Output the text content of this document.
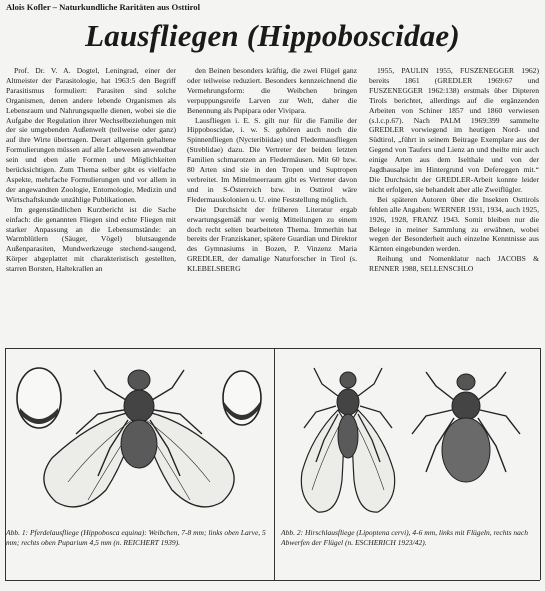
Alois Kofler – Naturkundliche Raritäten aus Osttirol
Lausfliegen (Hippoboscidae)

Prof. Dr. V. A. Dogtel, Leningrad, einer der Altmeister der Parasitologie, hat 1963:5 den Begriff Parasitismus formuliert: Parasiten sind solche Organismen, denen andere lebende Organismen als Lebensraum und Nahrungsquelle dienen, wobei sie die Aufgabe der Regulation ihrer Wechselbeziehungen mit der sie umgebenden Außenwelt (teilweise oder ganz) auf ihre Wirte übertragen. Derart allgemein gehaltene Formulierungen müssen auf alle Lebewesen anwendbar sein und eben alle Formen und Möglichkeiten berücksichtigen. Zum Thema selber gibt es vielfache Aspekte, mehrfache Formulierungen und vor allem in der angewandten Zoologie, Entomologie, Medizin und Wirtschaftskunde unzählige Publikationen.

Im gegenständlichen Kurzbericht ist die Sache einfach: die genannten Fliegen sind echte Fliegen mit starker Anpassung an die Lebensumstände: an Warmblütlern (Säuger, Vögel) blutsaugende Außenparasiten, Mundwerkzeuge stechend-saugend, Körper abgeplattet mit charakteristisch gestellten, starren Borsten, Haltekrallen an

den Beinen besonders kräftig, die zwei Flügel ganz oder teilweise reduziert. Besonders kennzeichnend die Vermehrungsform: die Weibchen bringen verpuppungsreife Larven zur Welt, daher die Benennung als Pupipara oder Vivipara.

Lausfliegen i. E. S. gilt nur für die Familie der Hippoboscidae, i. w. S. gehören auch noch die Spinnenfliegen (Nycteribiidae) und Fledermausfliegen (Streblidae) dazu. Die Vertreter der beiden letzten Familien schmarotzen an Fledermäusen. Mit 60 bzw. 80 Arten sind sie in den Tropen und Suptropen verbreitet. Im Mittelmeerraum gibt es Vertreter davon und in S-Österreich bzw. in Osttirol wäre Fledermauskolonien u. U. eine Feststellung möglich.

Die Durchsicht der früheren Literatur ergab erwartungsgemäß nur wenig Mitteilungen zu einem doch recht selten bearbeiteten Thema. Immerhin hat bereits der Franziskaner, spätere Guardian und Direktor des Gymnasiums in Bozen, P. Vinzenz Maria GREDLER, der damalige Naturforscher in Tirol (s. KLEBELSBERG

1955, PAULIN 1955, FUSZENEGGER 1962) bereits 1861 (GREDLER 1969:67 und FUSZENEGGER 1962:138) erstmals über Dipteren Tirols berichtet, allerdings auf die ergänzenden Arbeiten von Schiner 1857 und 1860 verwiesen (s.l.c.p.67). Nach PALM 1969:399 sammelte GREDLER vorwiegend im heutigen Nord- und Südtirol, „führt in seinem Beitrage Exemplare aus der Gegend von Taufers und Lienz an und theilte mir auch einige Arten aus dem Iselthale und von der Jagdhausalpe im Hintergrund von Defereggen mit.“ Die Durchsicht der GREDLER-Arbeit konnte leider nicht erfolgen, sie behandelt aber alle Zweiflügler.

Bei späteren Autoren über die Insekten Osttirols fehlen alle Angaben: WERNER 1931, 1934, auch 1925, 1926, 1928, FRANZ 1943. Somit bleiben nur die Belege in meiner Sammlung zu erwähnen, wobei wegen der Besonderheit auch einzelne Kenntnisse aus Kärnten eingebunden werden.

Reihung und Nomenklatur nach JACOBS & RENNER 1988, SELLENSCHLO

Abb. 1: Pferdelausfliege (Hippobosca equina): Weibchen, 7-8 mm; links oben Larve, 5 mm; rechts oben Puparium 4,5 mm (n. REICHERT 1939).
Abb. 2: Hirschlausfliege (Lipoptena cervi), 4-6 mm, links mit Flügeln, rechts nach Abwerfen der Flügel (n. ESCHERICH 1923/42).
